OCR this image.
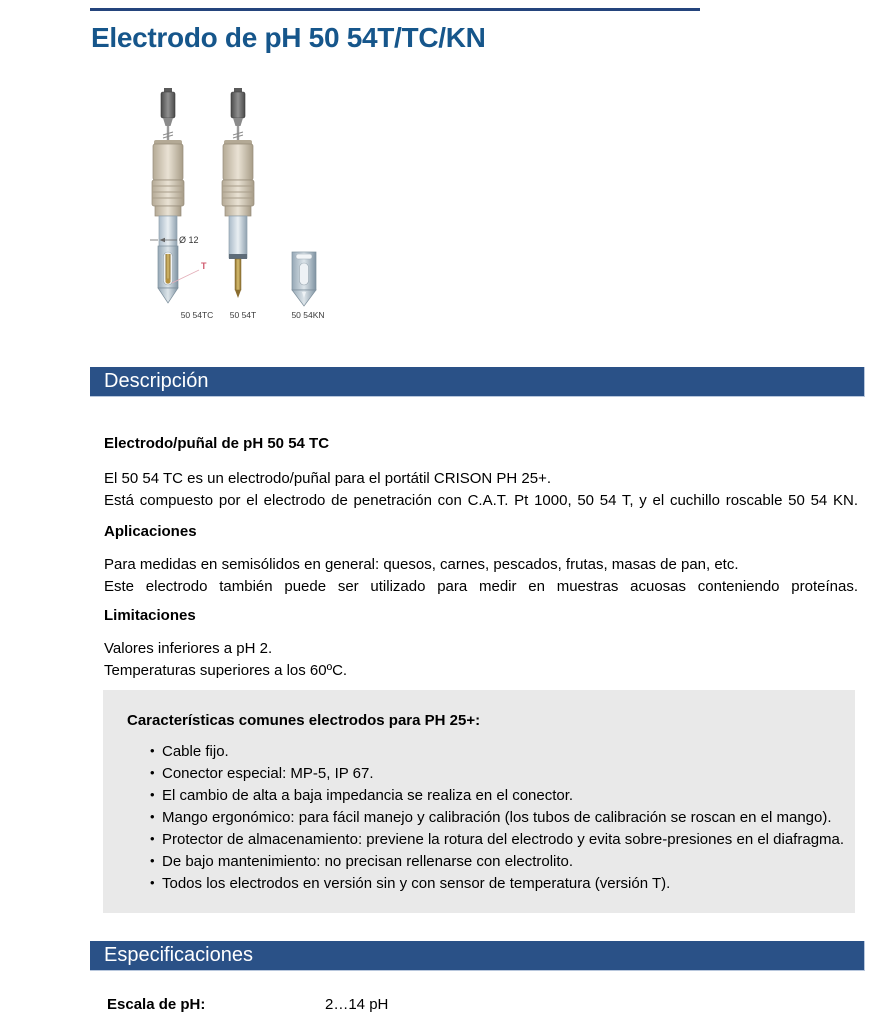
Electrodo de pH 50 54T/TC/KN
Ø 12
T
50 54TC 50 54T	50 54KN
Descripción
Electrodo/puñal de pH 50 54 TC
El 50 54 TC es un electrodo/puñal para el portátil CRISON PH 25+.
Está compuesto por el electrodo de penetración con C.A.T. Pt 1000, 50 54 T, y el cuchillo roscable 50 54 KN.
Aplicaciones
Para medidas en semisólidos en general: quesos, carnes, pescados, frutas, masas de pan, etc.
Este electrodo también puede ser utilizado para medir en muestras acuosas conteniendo proteínas.
Limitaciones
Valores inferiores a pH 2.
Temperaturas superiores a los 60ºC.
Características comunes electrodos para PH 25+:
• Cable fijo.
• Conector especial: MP-5, IP 67.
• El cambio de alta a baja impedancia se realiza en el conector.
• Mango ergonómico: para fácil manejo y calibración (los tubos de calibración se roscan en el mango).
• Protector de almacenamiento: previene la rotura del electrodo y evita sobre-presiones en el diafragma.
• De bajo mantenimiento: no precisan rellenarse con electrolito.
• Todos los electrodos en versión sin y con sensor de temperatura (versión T).
Especificaciones
Escala de pH:	2…14 pH
